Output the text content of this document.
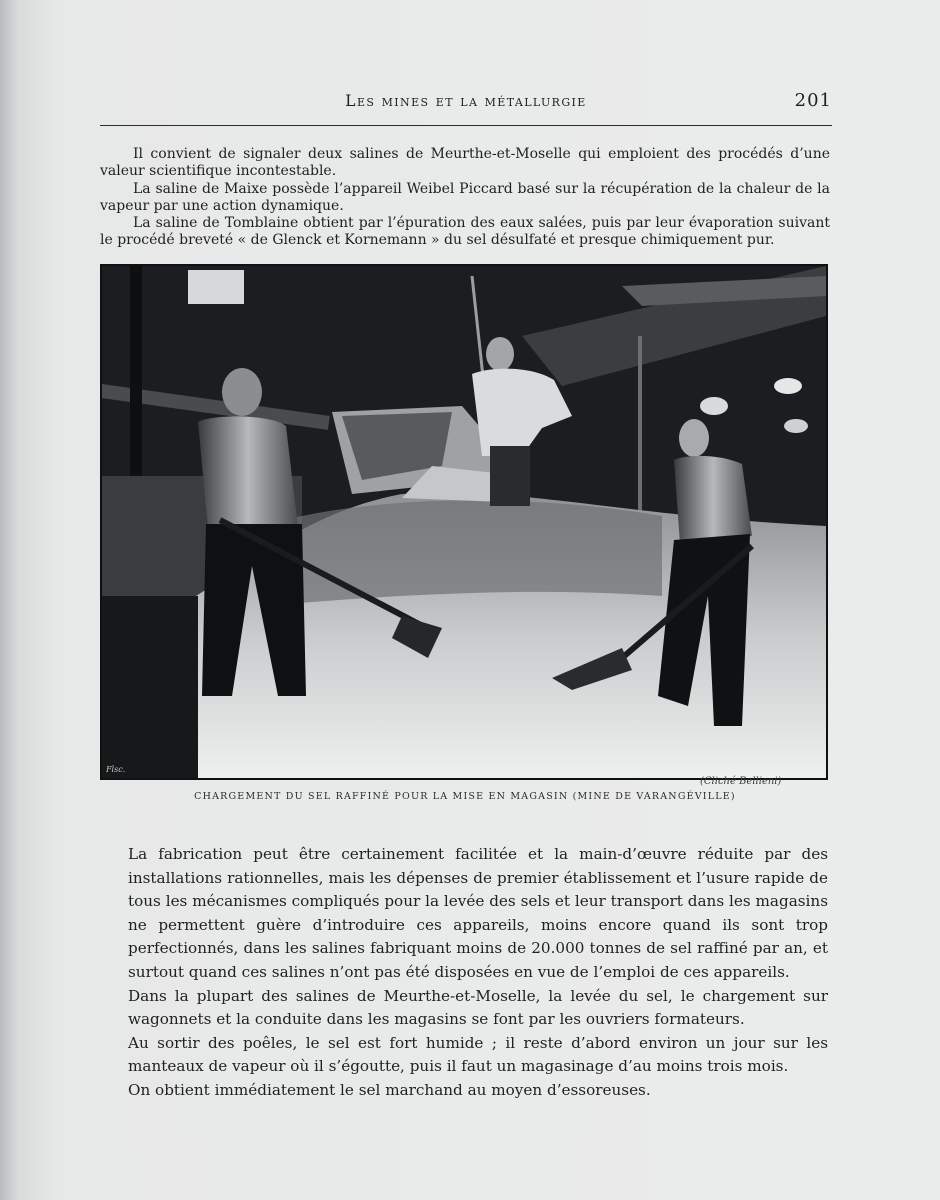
Les mines et la métallurgie	201

Il convient de signaler deux salines de Meurthe-et-Moselle qui emploient des procédés d’une valeur scientifique incontestable.

La saline de Maixe possède l’appareil Weibel Piccard basé sur la récupération de la chaleur de la vapeur par une action dynamique.

La saline de Tomblaine obtient par l’épuration des eaux salées, puis par leur évaporation suivant le procédé breveté « de Glenck et Kornemann » du sel désulfaté et presque chimiquement pur.

Flsc.
(Cliché Bellieni)
CHARGEMENT DU SEL RAFFINÉ POUR LA MISE EN MAGASIN (MINE DE VARANGÉVILLE)

La fabrication peut être certainement facilitée et la main-d’œuvre réduite par des installations rationnelles, mais les dépenses de premier établissement et l’usure rapide de tous les mécanismes compliqués pour la levée des sels et leur transport dans les magasins ne permettent guère d’introduire ces appareils, moins encore quand ils sont trop perfectionnés, dans les salines fabriquant moins de 20.000 tonnes de sel raffiné par an, et surtout quand ces salines n’ont pas été disposées en vue de l’emploi de ces appareils.

Dans la plupart des salines de Meurthe-et-Moselle, la levée du sel, le chargement sur wagonnets et la conduite dans les magasins se font par les ouvriers formateurs.

Au sortir des poêles, le sel est fort humide ; il reste d’abord environ un jour sur les manteaux de vapeur où il s’égoutte, puis il faut un magasinage d’au moins trois mois.

On obtient immédiatement le sel marchand au moyen d’essoreuses.
